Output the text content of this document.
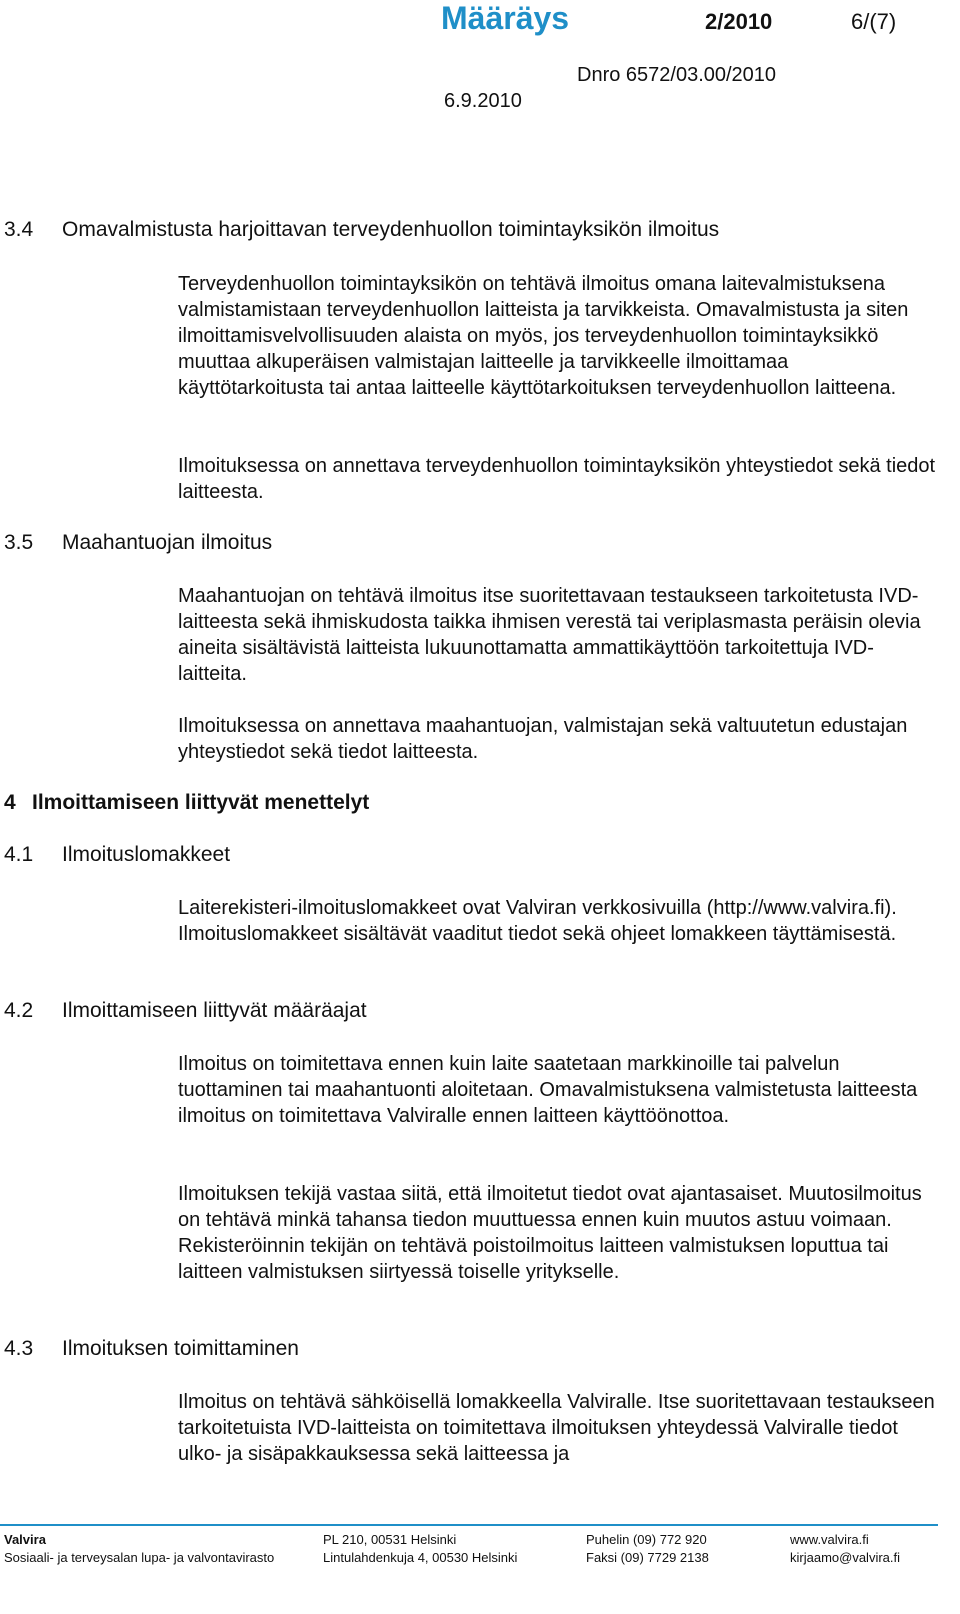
Määräys	2/2010	6/(7)
Dnro 6572/03.00/2010
6.9.2010
3.4 Omavalmistusta harjoittavan terveydenhuollon toimintayksikön ilmoitus
Terveydenhuollon toimintayksikön on tehtävä ilmoitus omana laitevalmistuksena valmistamistaan terveydenhuollon laitteista ja tarvikkeista. Omavalmistusta ja siten ilmoittamisvelvollisuuden alaista on myös, jos terveydenhuollon toimintayksikkö muuttaa alkuperäisen valmistajan laitteelle ja tarvikkeelle ilmoittamaa käyttötarkoitusta tai antaa laitteelle käyttötarkoituksen terveydenhuollon laitteena.
Ilmoituksessa on annettava terveydenhuollon toimintayksikön yhteystiedot sekä tiedot laitteesta.
3.5 Maahantuojan ilmoitus
Maahantuojan on tehtävä ilmoitus itse suoritettavaan testaukseen tarkoitetusta IVD-laitteesta sekä ihmiskudosta taikka ihmisen verestä tai veriplasmasta peräisin olevia aineita sisältävistä laitteista lukuunottamatta ammattikäyttöön tarkoitettuja IVD-laitteita.
Ilmoituksessa on annettava maahantuojan, valmistajan sekä valtuutetun edustajan yhteystiedot sekä tiedot laitteesta.
4 Ilmoittamiseen liittyvät menettelyt
4.1 Ilmoituslomakkeet
Laiterekisteri-ilmoituslomakkeet ovat Valviran verkkosivuilla (http://www.valvira.fi). Ilmoituslomakkeet sisältävät vaaditut tiedot sekä ohjeet lomakkeen täyttämisestä.
4.2 Ilmoittamiseen liittyvät määräajat
Ilmoitus on toimitettava ennen kuin laite saatetaan markkinoille tai palvelun tuottaminen tai maahantuonti aloitetaan. Omavalmistuksena valmistetusta laitteesta ilmoitus on toimitettava Valviralle ennen laitteen käyttöönottoa.
Ilmoituksen tekijä vastaa siitä, että ilmoitetut tiedot ovat ajantasaiset. Muutosilmoitus on tehtävä minkä tahansa tiedon muuttuessa ennen kuin muutos astuu voimaan. Rekisteröinnin tekijän on tehtävä poistoilmoitus laitteen valmistuksen loputtua tai laitteen valmistuksen siirtyessä toiselle yritykselle.
4.3 Ilmoituksen toimittaminen
Ilmoitus on tehtävä sähköisellä lomakkeella Valviralle. Itse suoritettavaan testaukseen tarkoitetuista IVD-laitteista on toimitettava ilmoituksen yhteydessä Valviralle tiedot ulko- ja sisäpakkauksessa sekä laitteessa ja
Valvira
Sosiaali- ja terveysalan lupa- ja valvontavirasto
PL 210, 00531 Helsinki
Lintulahdenkuja 4, 00530 Helsinki
Puhelin (09) 772 920
Faksi (09) 7729 2138
www.valvira.fi
kirjaamo@valvira.fi
